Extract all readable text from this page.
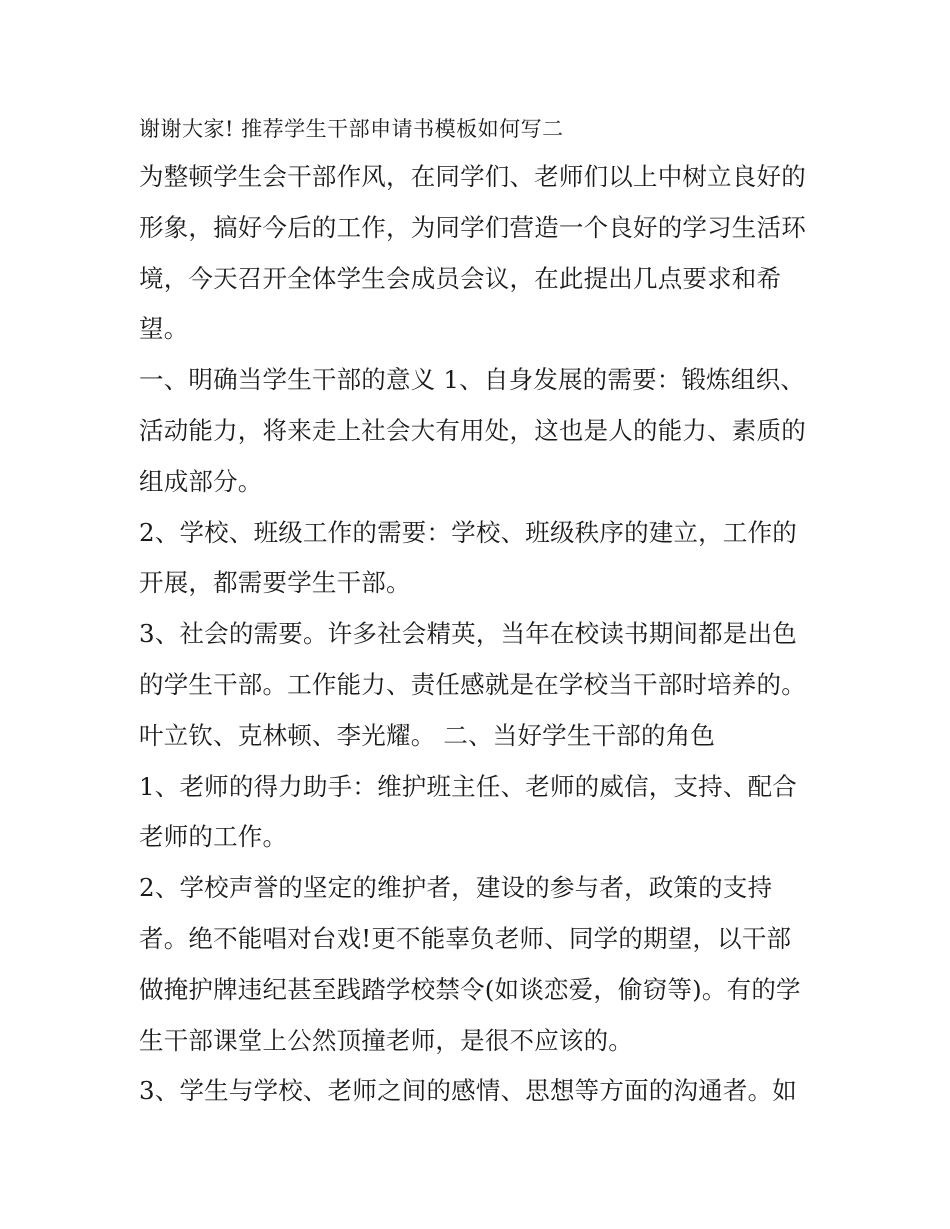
谢谢大家! 推荐学生干部申请书模板如何写二
为整顿学生会干部作风，在同学们、老师们以上中树立良好的
形象，搞好今后的工作，为同学们营造一个良好的学习生活环
境，今天召开全体学生会成员会议，在此提出几点要求和希
望。
一、明确当学生干部的意义 1、自身发展的需要：锻炼组织、
活动能力，将来走上社会大有用处，这也是人的能力、素质的
组成部分。
2、学校、班级工作的需要：学校、班级秩序的建立，工作的
开展，都需要学生干部。
3、社会的需要。许多社会精英，当年在校读书期间都是出色
的学生干部。工作能力、责任感就是在学校当干部时培养的。
叶立钦、克林顿、李光耀。 二、当好学生干部的角色
1、老师的得力助手：维护班主任、老师的威信，支持、配合
老师的工作。
2、学校声誉的坚定的维护者，建设的参与者，政策的支持
者。绝不能唱对台戏!更不能辜负老师、同学的期望，以干部
做掩护牌违纪甚至践踏学校禁令(如谈恋爱，偷窃等)。有的学
生干部课堂上公然顶撞老师，是很不应该的。
3、学生与学校、老师之间的感情、思想等方面的沟通者。如
